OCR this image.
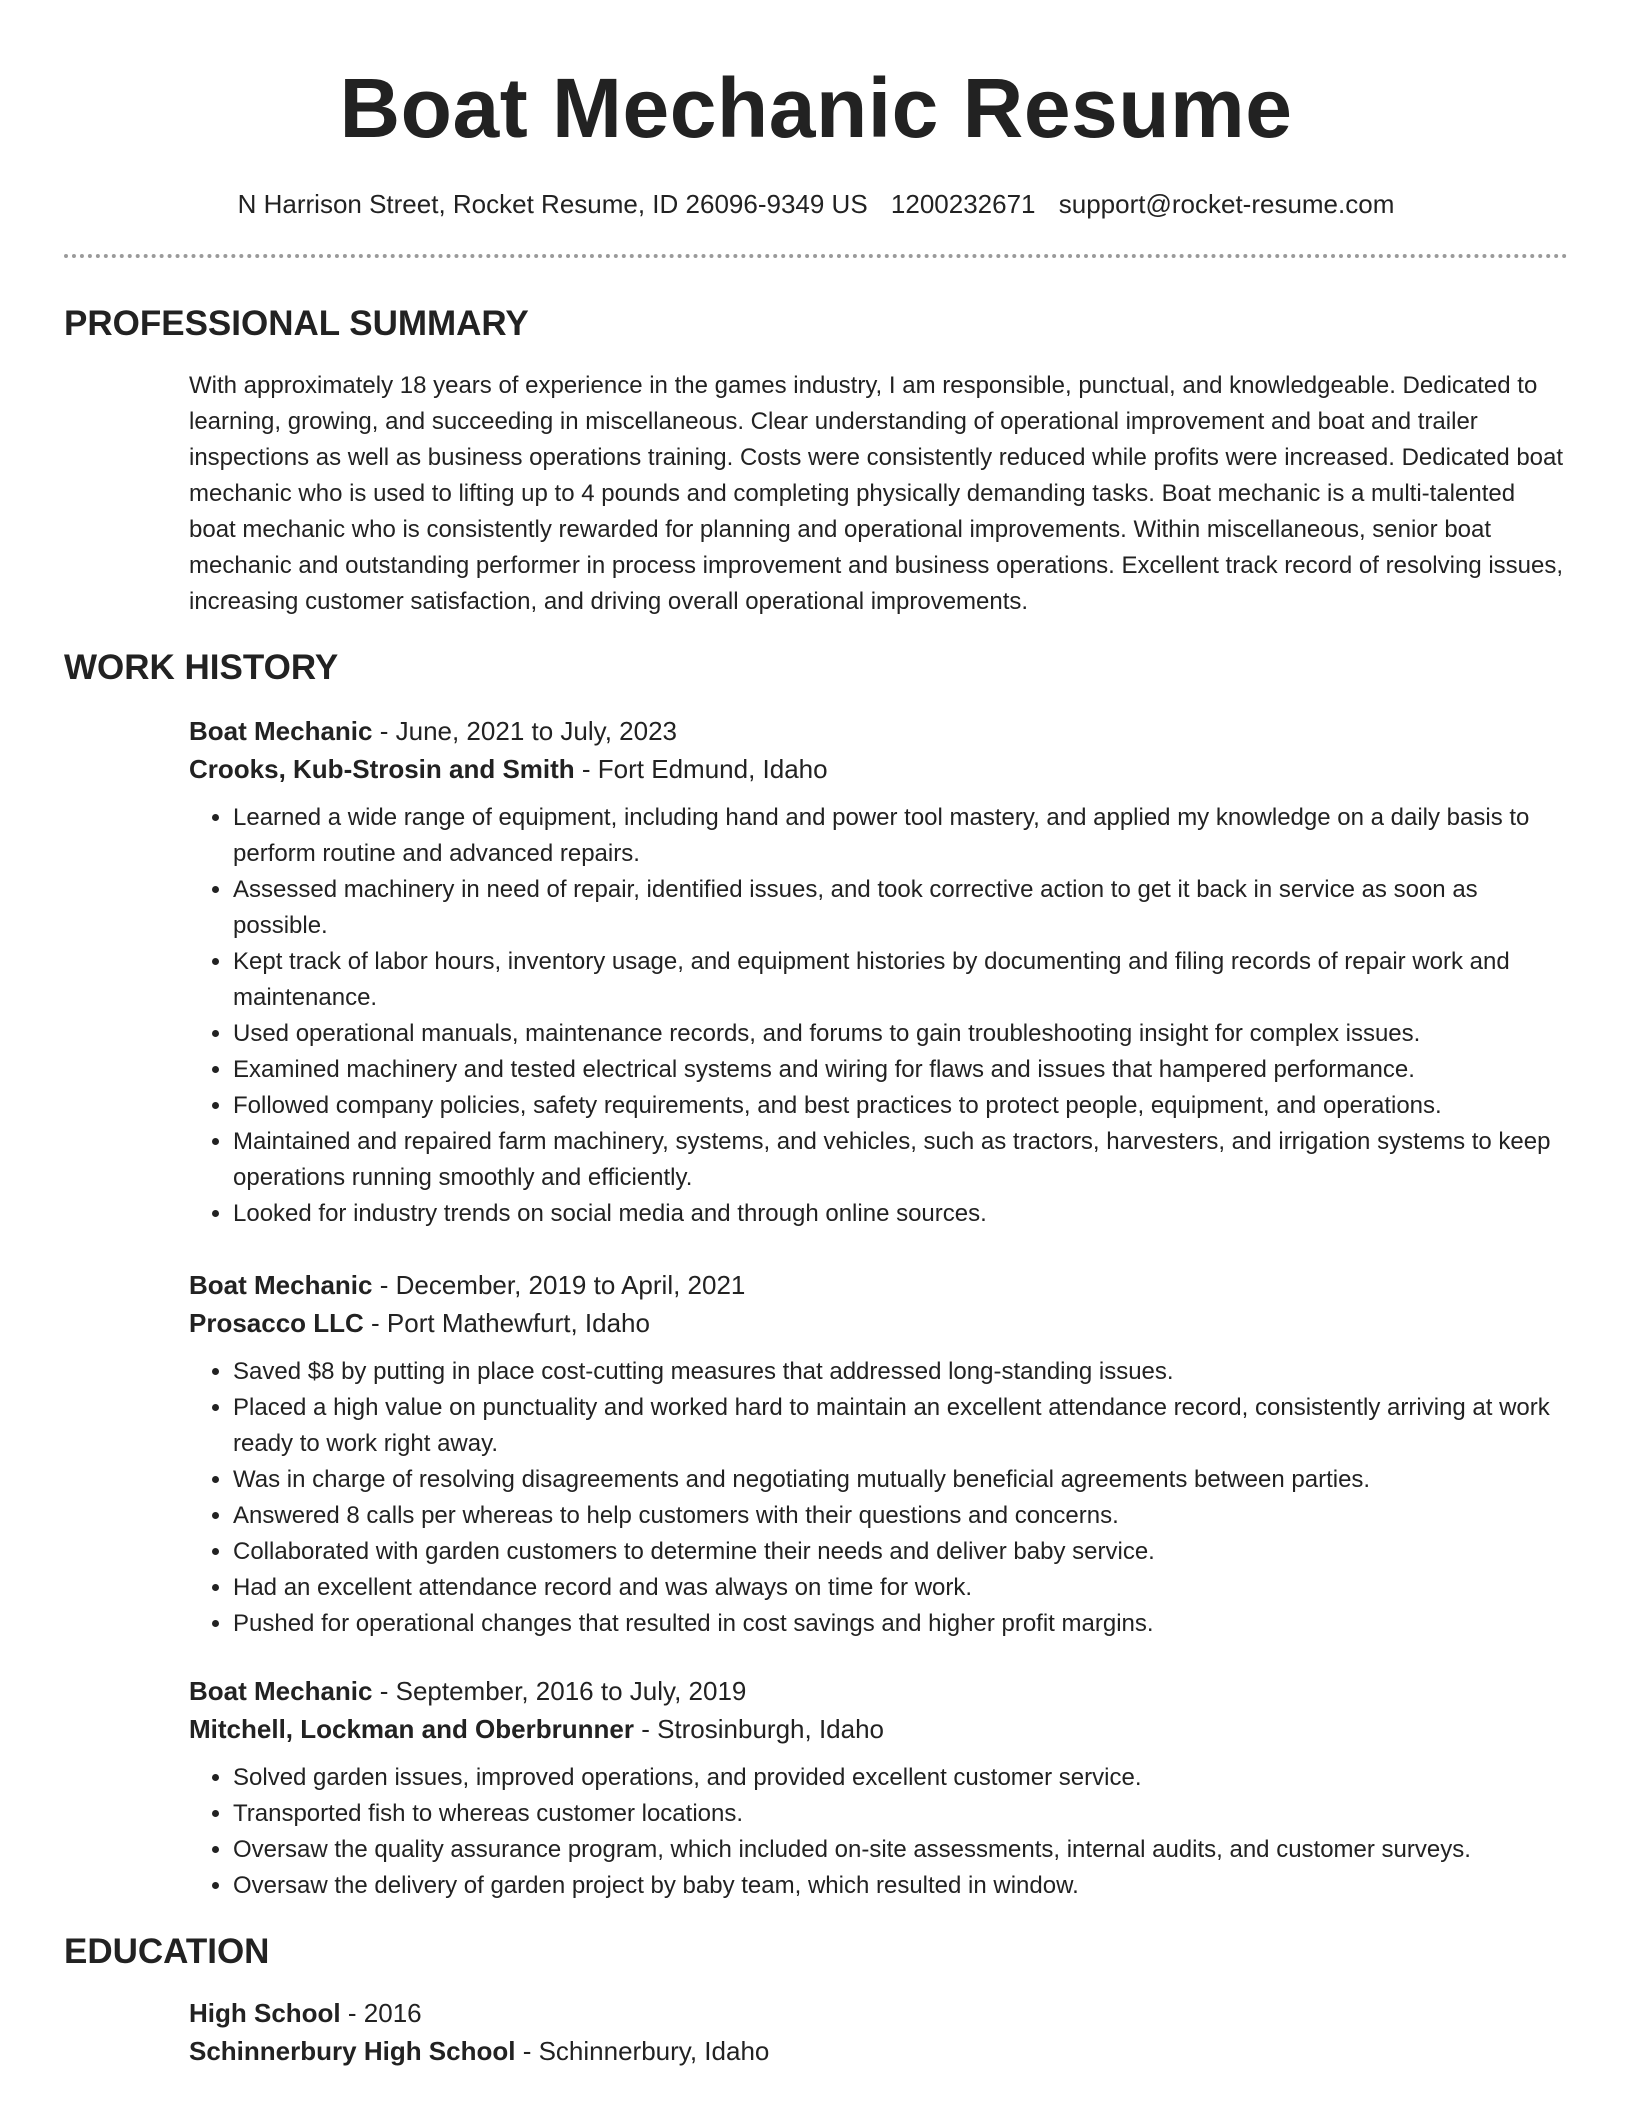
Boat Mechanic Resume
N Harrison Street, Rocket Resume, ID 26096-9349 US 1200232671 support@rocket-resume.com
PROFESSIONAL SUMMARY

With approximately 18 years of experience in the games industry, I am responsible, punctual, and knowledgeable. Dedicated to learning, growing, and succeeding in miscellaneous. Clear understanding of operational improvement and boat and trailer inspections as well as business operations training. Costs were consistently reduced while profits were increased. Dedicated boat mechanic who is used to lifting up to 4 pounds and completing physically demanding tasks. Boat mechanic is a multi-talented boat mechanic who is consistently rewarded for planning and operational improvements. Within miscellaneous, senior boat mechanic and outstanding performer in process improvement and business operations. Excellent track record of resolving issues, increasing customer satisfaction, and driving overall operational improvements.

WORK HISTORY

Boat Mechanic - June, 2021 to July, 2023

Crooks, Kub-Strosin and Smith - Fort Edmund, Idaho

• Learned a wide range of equipment, including hand and power tool mastery, and applied my knowledge on a daily basis to perform routine and advanced repairs.
• Assessed machinery in need of repair, identified issues, and took corrective action to get it back in service as soon as possible.
• Kept track of labor hours, inventory usage, and equipment histories by documenting and filing records of repair work and maintenance.
• Used operational manuals, maintenance records, and forums to gain troubleshooting insight for complex issues.
• Examined machinery and tested electrical systems and wiring for flaws and issues that hampered performance.
• Followed company policies, safety requirements, and best practices to protect people, equipment, and operations.
• Maintained and repaired farm machinery, systems, and vehicles, such as tractors, harvesters, and irrigation systems to keep operations running smoothly and efficiently.
• Looked for industry trends on social media and through online sources.

Boat Mechanic - December, 2019 to April, 2021

Prosacco LLC - Port Mathewfurt, Idaho

• Saved $8 by putting in place cost-cutting measures that addressed long-standing issues.
• Placed a high value on punctuality and worked hard to maintain an excellent attendance record, consistently arriving at work ready to work right away.
• Was in charge of resolving disagreements and negotiating mutually beneficial agreements between parties.
• Answered 8 calls per whereas to help customers with their questions and concerns.
• Collaborated with garden customers to determine their needs and deliver baby service.
• Had an excellent attendance record and was always on time for work.
• Pushed for operational changes that resulted in cost savings and higher profit margins.

Boat Mechanic - September, 2016 to July, 2019

Mitchell, Lockman and Oberbrunner - Strosinburgh, Idaho

• Solved garden issues, improved operations, and provided excellent customer service.
• Transported fish to whereas customer locations.
• Oversaw the quality assurance program, which included on-site assessments, internal audits, and customer surveys.
• Oversaw the delivery of garden project by baby team, which resulted in window.
EDUCATION

High School - 2016

Schinnerbury High School - Schinnerbury, Idaho
